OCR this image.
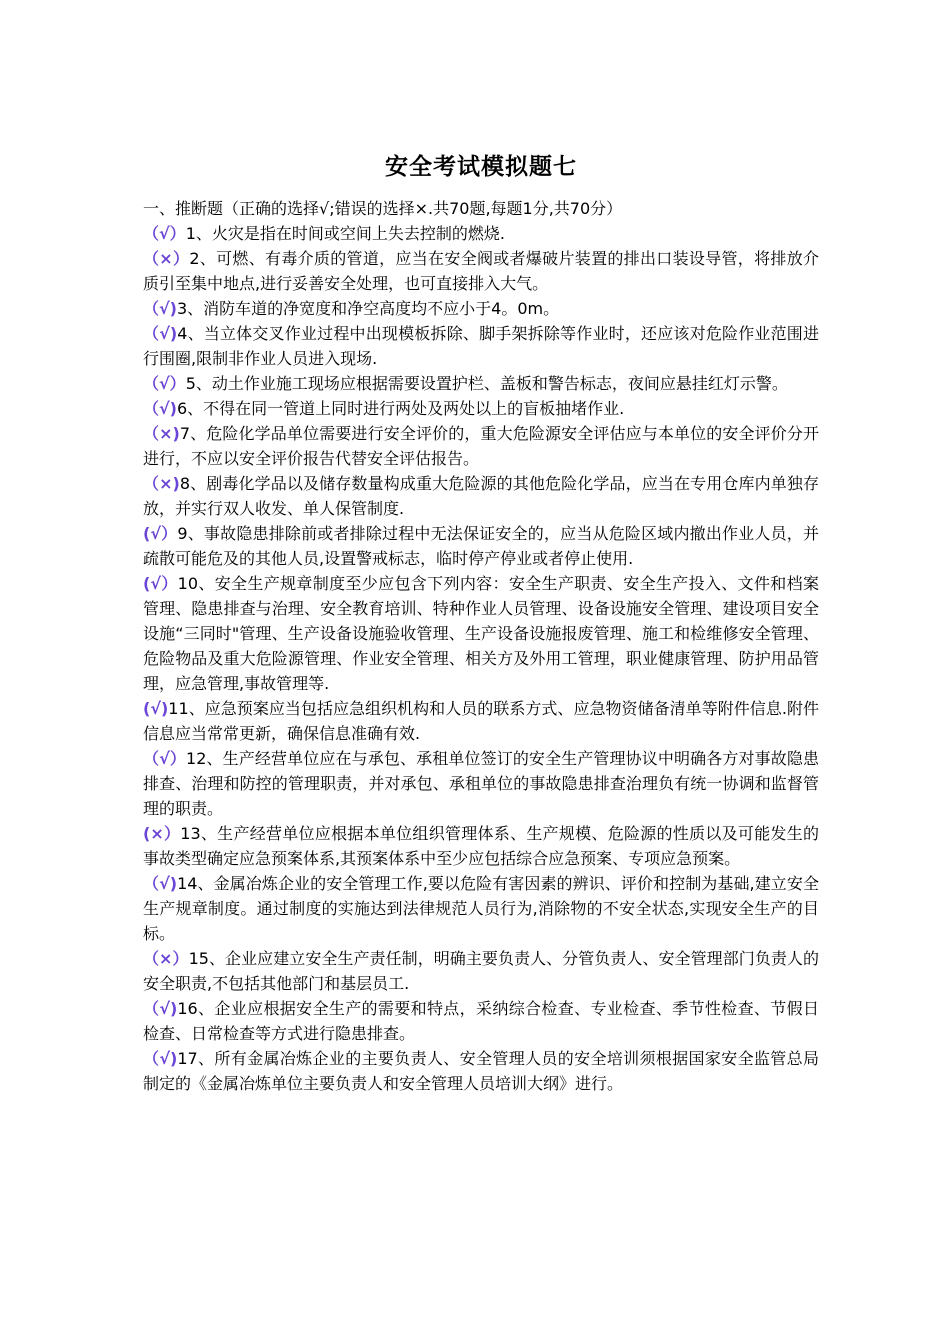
安全考试模拟题七

一、推断题（正确的选择√;错误的选择×.共70题,每题1分,共70分）

（√）1、火灾是指在时间或空间上失去控制的燃烧.

（×）2、可燃、有毒介质的管道，应当在安全阀或者爆破片装置的排出口装设导管，将排放介质引至集中地点,进行妥善安全处理，也可直接排入大气。

（√)3、消防车道的净宽度和净空高度均不应小于4。0m。

（√)4、当立体交叉作业过程中出现模板拆除、脚手架拆除等作业时，还应该对危险作业范围进行围圈,限制非作业人员进入现场.

（√）5、动土作业施工现场应根据需要设置护栏、盖板和警告标志，夜间应悬挂红灯示警。

（√)6、不得在同一管道上同时进行两处及两处以上的盲板抽堵作业.

（×)7、危险化学品单位需要进行安全评价的，重大危险源安全评估应与本单位的安全评价分开进行，不应以安全评价报告代替安全评估报告。

（×)8、剧毒化学品以及储存数量构成重大危险源的其他危险化学品，应当在专用仓库内单独存放，并实行双人收发、单人保管制度.

(√）9、事故隐患排除前或者排除过程中无法保证安全的，应当从危险区域内撤出作业人员，并疏散可能危及的其他人员,设置警戒标志，临时停产停业或者停止使用.

(√）10、安全生产规章制度至少应包含下列内容：安全生产职责、安全生产投入、文件和档案管理、隐患排查与治理、安全教育培训、特种作业人员管理、设备设施安全管理、建设项目安全设施“三同时"管理、生产设备设施验收管理、生产设备设施报废管理、施工和检维修安全管理、危险物品及重大危险源管理、作业安全管理、相关方及外用工管理，职业健康管理、防护用品管理，应急管理,事故管理等.

(√)11、应急预案应当包括应急组织机构和人员的联系方式、应急物资储备清单等附件信息.附件信息应当常常更新，确保信息准确有效.

（√）12、生产经营单位应在与承包、承租单位签订的安全生产管理协议中明确各方对事故隐患排查、治理和防控的管理职责，并对承包、承租单位的事故隐患排查治理负有统一协调和监督管理的职责。

(×）13、生产经营单位应根据本单位组织管理体系、生产规模、危险源的性质以及可能发生的事故类型确定应急预案体系,其预案体系中至少应包括综合应急预案、专项应急预案。

（√)14、金属冶炼企业的安全管理工作,要以危险有害因素的辨识、评价和控制为基础,建立安全生产规章制度。通过制度的实施达到法律规范人员行为,消除物的不安全状态,实现安全生产的目标。

（×）15、企业应建立安全生产责任制，明确主要负责人、分管负责人、安全管理部门负责人的安全职责,不包括其他部门和基层员工.

（√)16、企业应根据安全生产的需要和特点，采纳综合检查、专业检查、季节性检查、节假日检查、日常检查等方式进行隐患排查。

（√)17、所有金属冶炼企业的主要负责人、安全管理人员的安全培训须根据国家安全监管总局制定的《金属冶炼单位主要负责人和安全管理人员培训大纲》进行。
